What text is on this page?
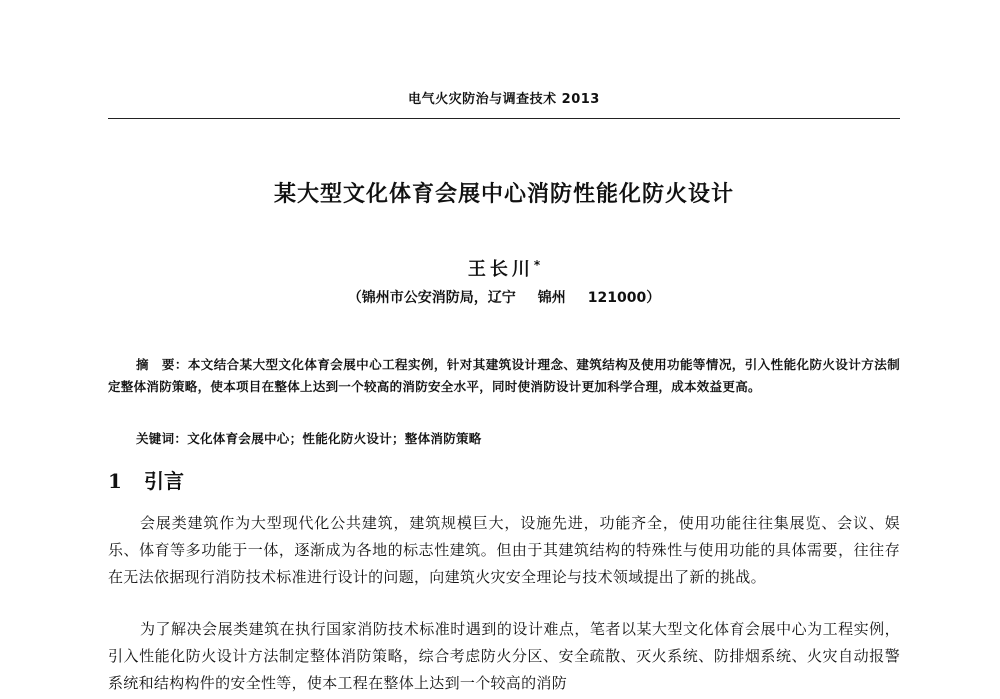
电气火灾防治与调查技术 2013
某大型文化体育会展中心消防性能化防火设计
王长川*
（锦州市公安消防局，辽宁 锦州 121000）
摘　要：本文结合某大型文化体育会展中心工程实例，针对其建筑设计理念、建筑结构及使用功能等情况，引入性能化防火设计方法制定整体消防策略，使本项目在整体上达到一个较高的消防安全水平，同时使消防设计更加科学合理，成本效益更高。
关键词：文化体育会展中心；性能化防火设计；整体消防策略
1 引言
会展类建筑作为大型现代化公共建筑，建筑规模巨大，设施先进，功能齐全，使用功能往往集展览、会议、娱乐、体育等多功能于一体，逐渐成为各地的标志性建筑。但由于其建筑结构的特殊性与使用功能的具体需要，往往存在无法依据现行消防技术标准进行设计的问题，向建筑火灾安全理论与技术领域提出了新的挑战。
为了解决会展类建筑在执行国家消防技术标准时遇到的设计难点，笔者以某大型文化体育会展中心为工程实例，引入性能化防火设计方法制定整体消防策略，综合考虑防火分区、安全疏散、灭火系统、防排烟系统、火灾自动报警系统和结构构件的安全性等，使本工程在整体上达到一个较高的消防
